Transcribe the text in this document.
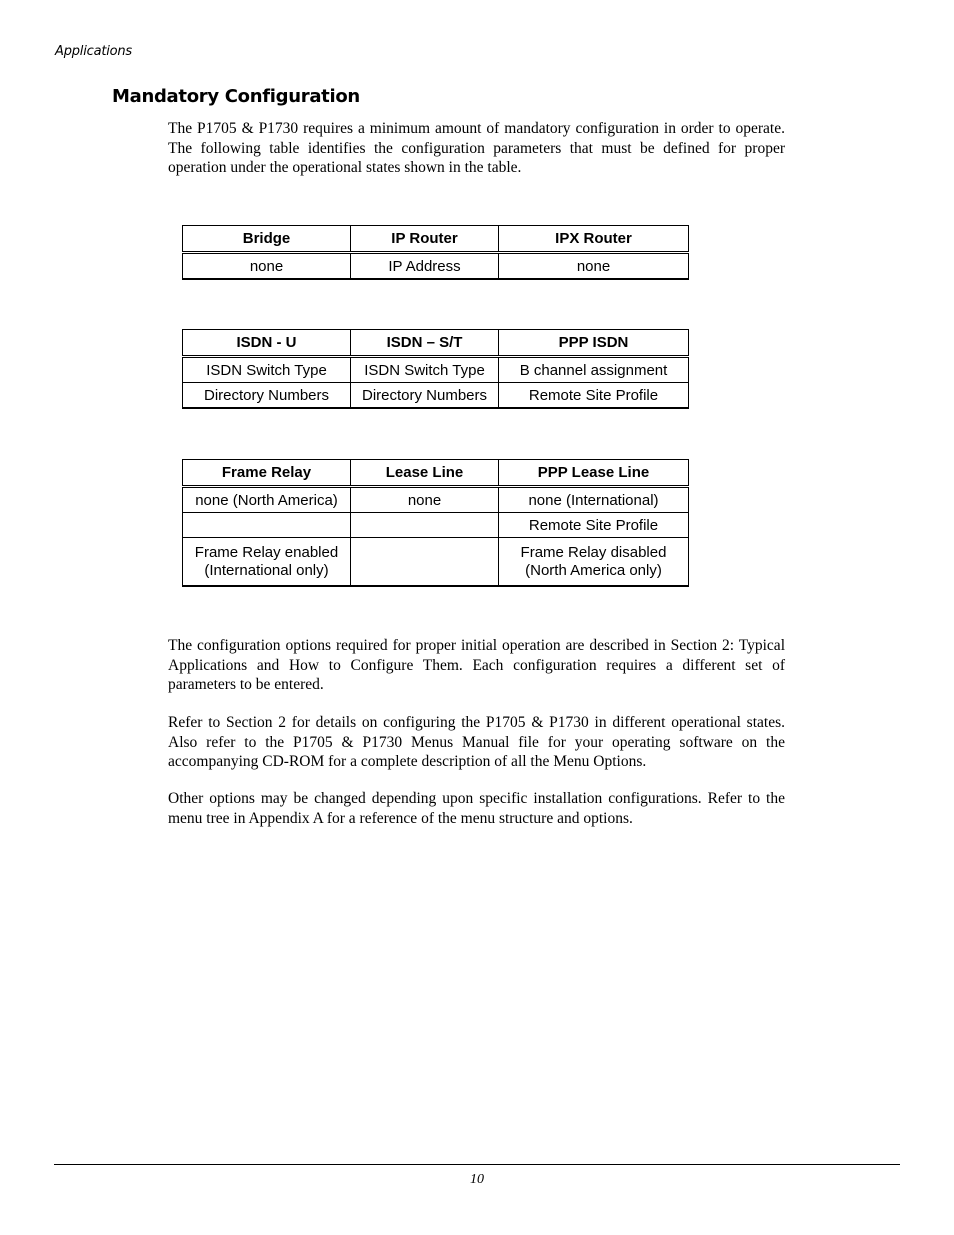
Applications
Mandatory Configuration

The P1705 & P1730 requires a minimum amount of mandatory configuration in order to operate. The following table identifies the configuration parameters that must be defined for proper operation under the operational states shown in the table.

Bridge	IP Router	IPX Router
none	IP Address	none
ISDN - U	ISDN – S/T	PPP ISDN
ISDN Switch Type	ISDN Switch Type	B channel assignment
Directory Numbers	Directory Numbers	Remote Site Profile
Frame Relay	Lease Line	PPP Lease Line
none (North America)	none	none (International)
		Remote Site Profile
Frame Relay enabled (International only)		Frame Relay disabled (North America only)

The configuration options required for proper initial operation are described in Section 2: Typical Applications and How to Configure Them. Each configuration requires a different set of parameters to be entered.

Refer to Section 2 for details on configuring the P1705 & P1730 in different operational states. Also refer to the P1705 & P1730 Menus Manual file for your operating software on the accompanying CD-ROM for a complete description of all the Menu Options.

Other options may be changed depending upon specific installation configurations. Refer to the menu tree in Appendix A for a reference of the menu structure and options.

10
